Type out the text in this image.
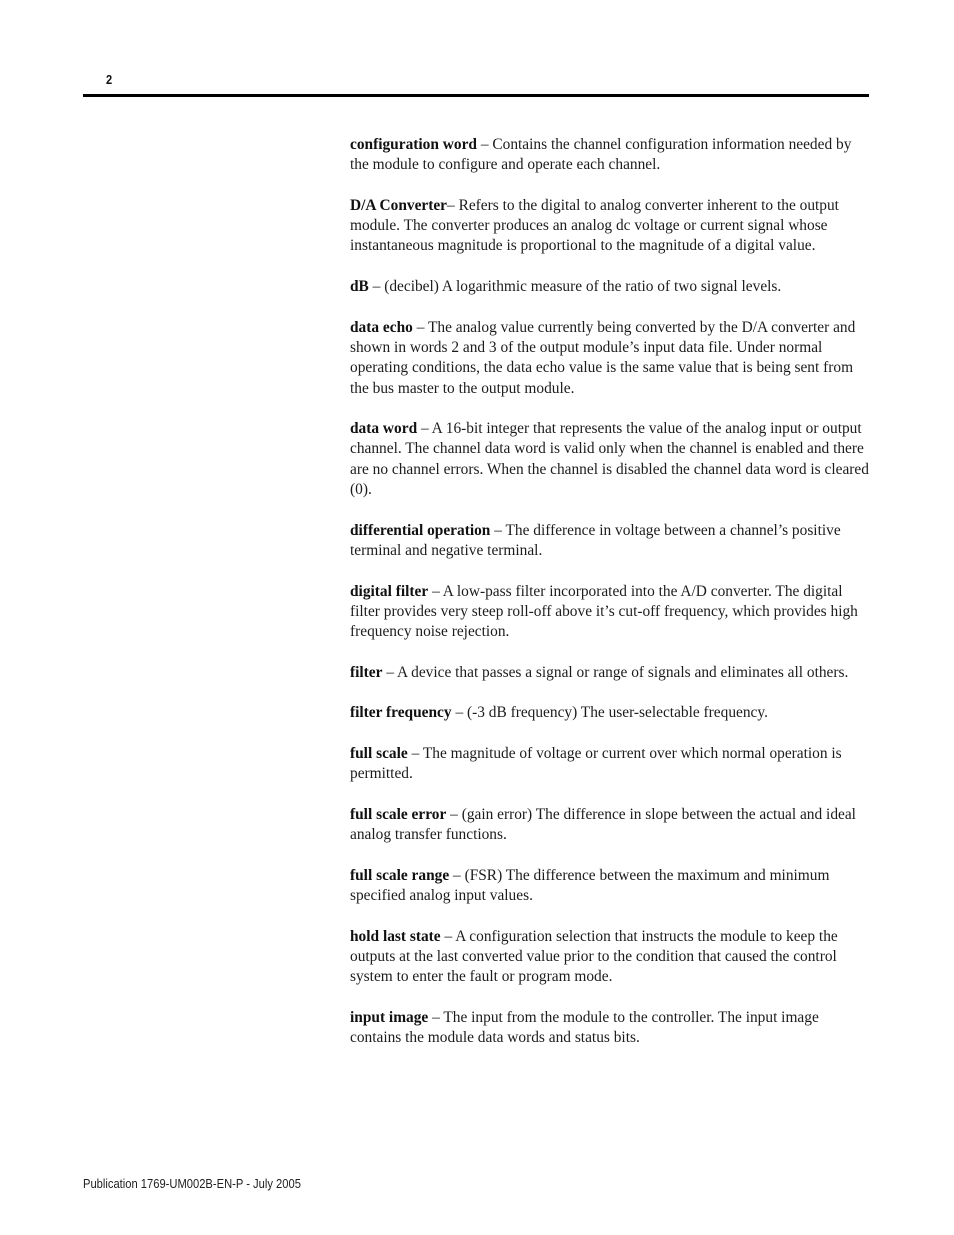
2

configuration word – Contains the channel configuration information needed by the module to configure and operate each channel.

D/A Converter– Refers to the digital to analog converter inherent to the output module. The converter produces an analog dc voltage or current signal whose instantaneous magnitude is proportional to the magnitude of a digital value.

dB – (decibel) A logarithmic measure of the ratio of two signal levels.

data echo – The analog value currently being converted by the D/A converter and shown in words 2 and 3 of the output module’s input data file. Under normal operating conditions, the data echo value is the same value that is being sent from the bus master to the output module.

data word – A 16-bit integer that represents the value of the analog input or output channel. The channel data word is valid only when the channel is enabled and there are no channel errors. When the channel is disabled the channel data word is cleared (0).

differential operation – The difference in voltage between a channel’s positive terminal and negative terminal.

digital filter – A low-pass filter incorporated into the A/D converter. The digital filter provides very steep roll-off above it’s cut-off frequency, which provides high frequency noise rejection.

filter – A device that passes a signal or range of signals and eliminates all others.

filter frequency – (-3 dB frequency) The user-selectable frequency.

full scale – The magnitude of voltage or current over which normal operation is permitted.

full scale error – (gain error) The difference in slope between the actual and ideal analog transfer functions.

full scale range – (FSR) The difference between the maximum and minimum specified analog input values.

hold last state – A configuration selection that instructs the module to keep the outputs at the last converted value prior to the condition that caused the control system to enter the fault or program mode.

input image – The input from the module to the controller. The input image contains the module data words and status bits.

Publication 1769-UM002B-EN-P - July 2005
